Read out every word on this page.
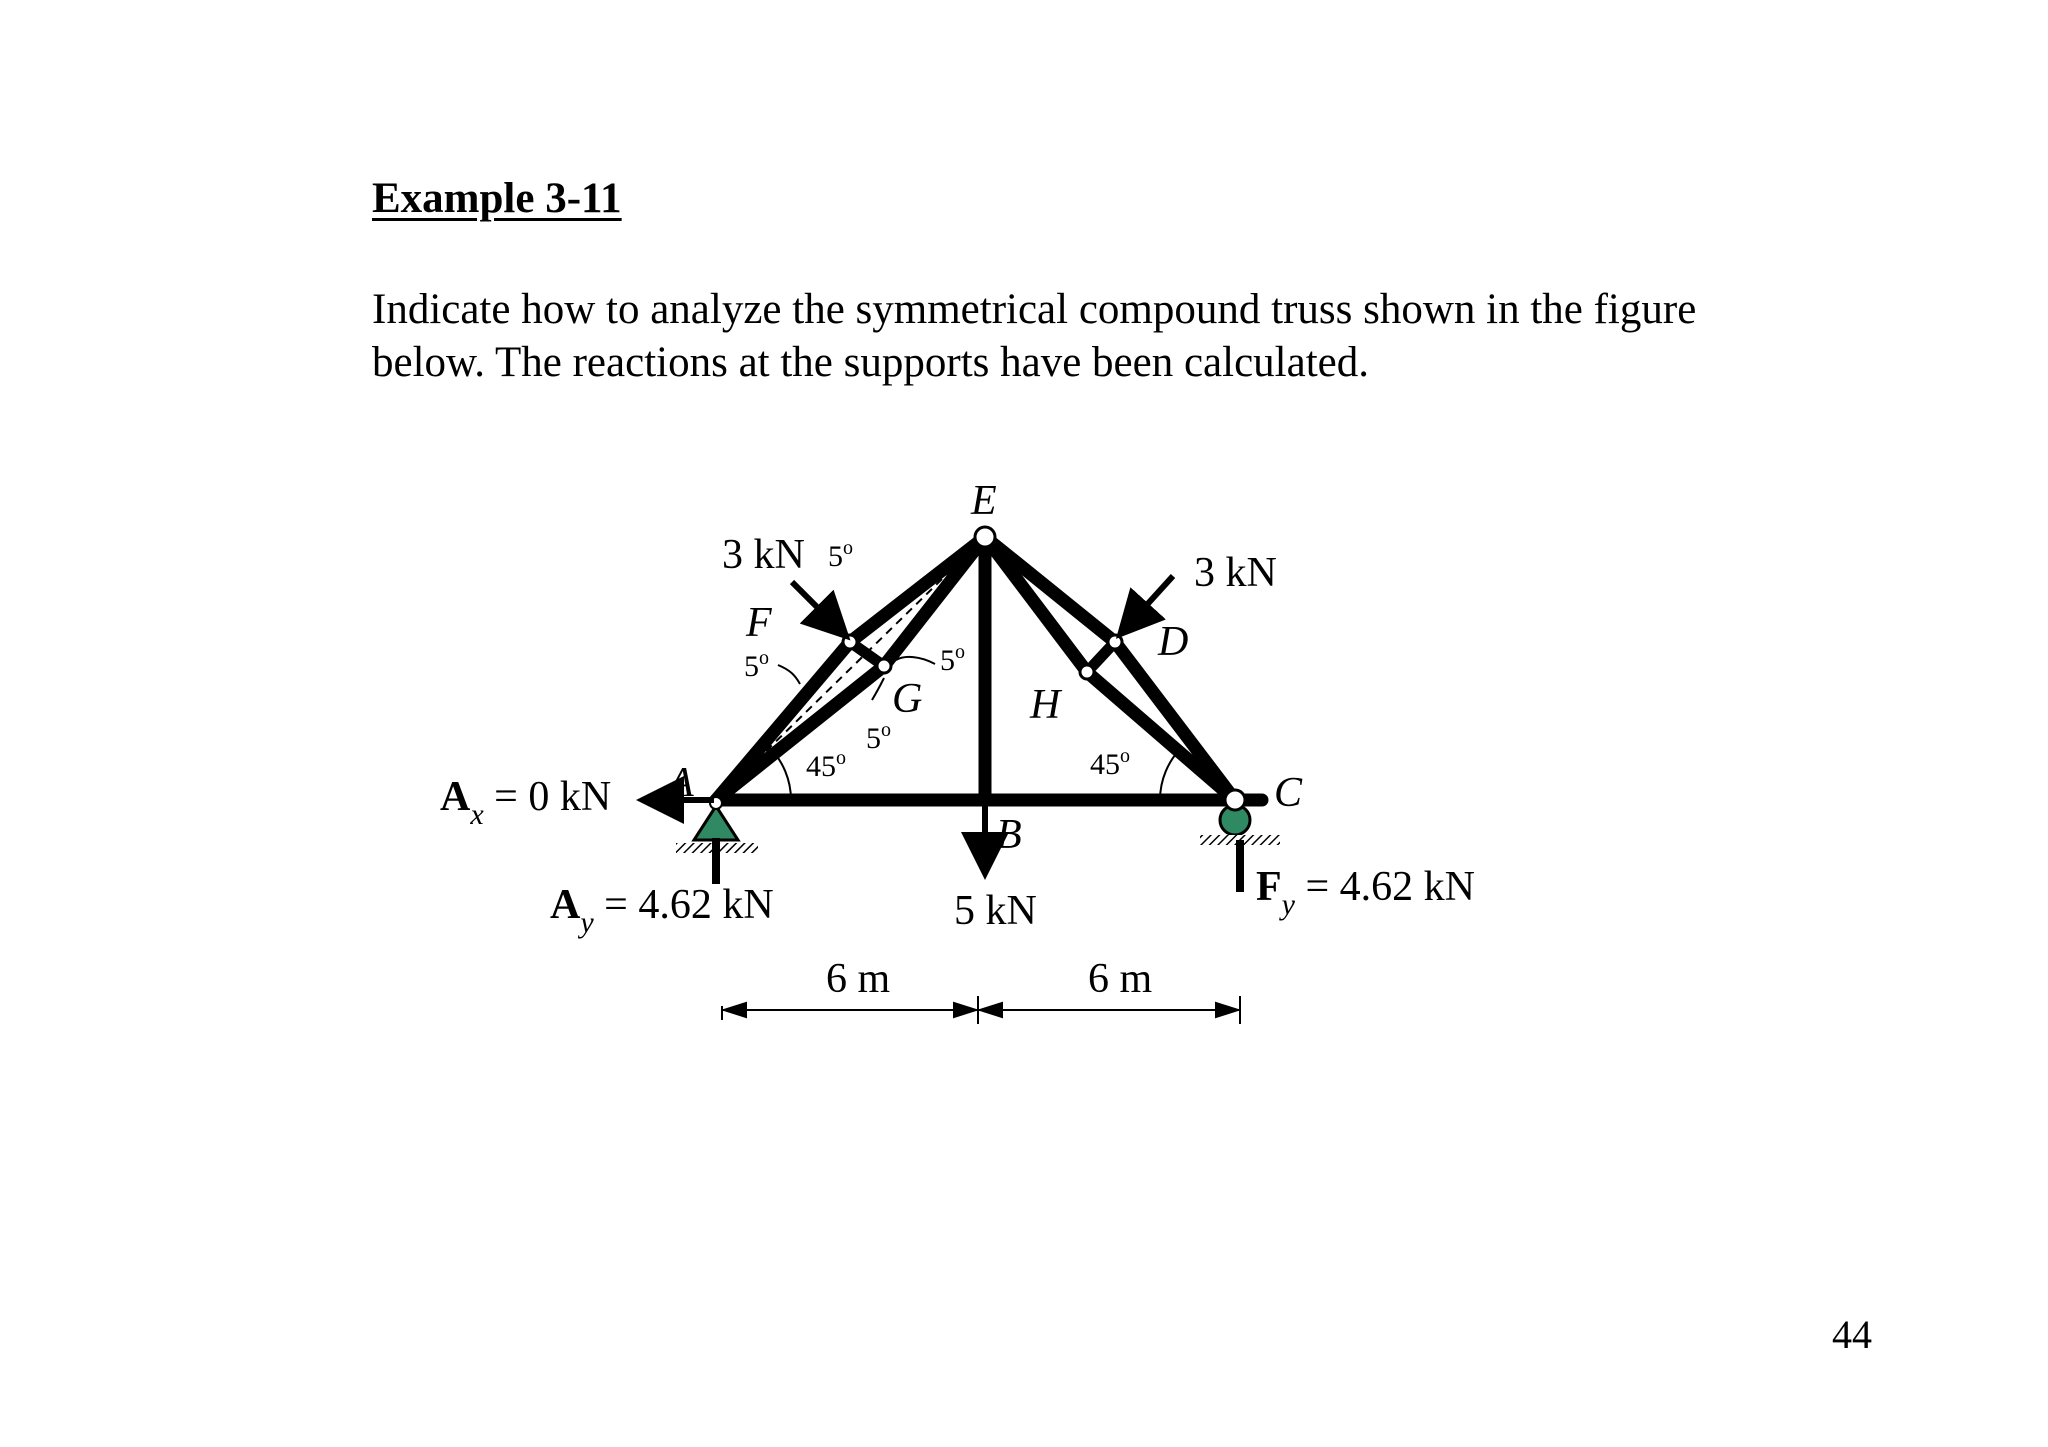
Example 3-11
Indicate how to analyze the symmetrical compound truss shown in the figure
below. The reactions at the supports have been calculated.
E
F
G	H
D
A
B
C
3 kN	3 kN
5 kN
$A_x = 0$ kN
$A_y = 4.62$ kN	$F_y = 4.62$ kN
45$^o$	45$^o$
5$^o$
5$^o$	5$^o$
5$^o$
6 m	6 m
44
